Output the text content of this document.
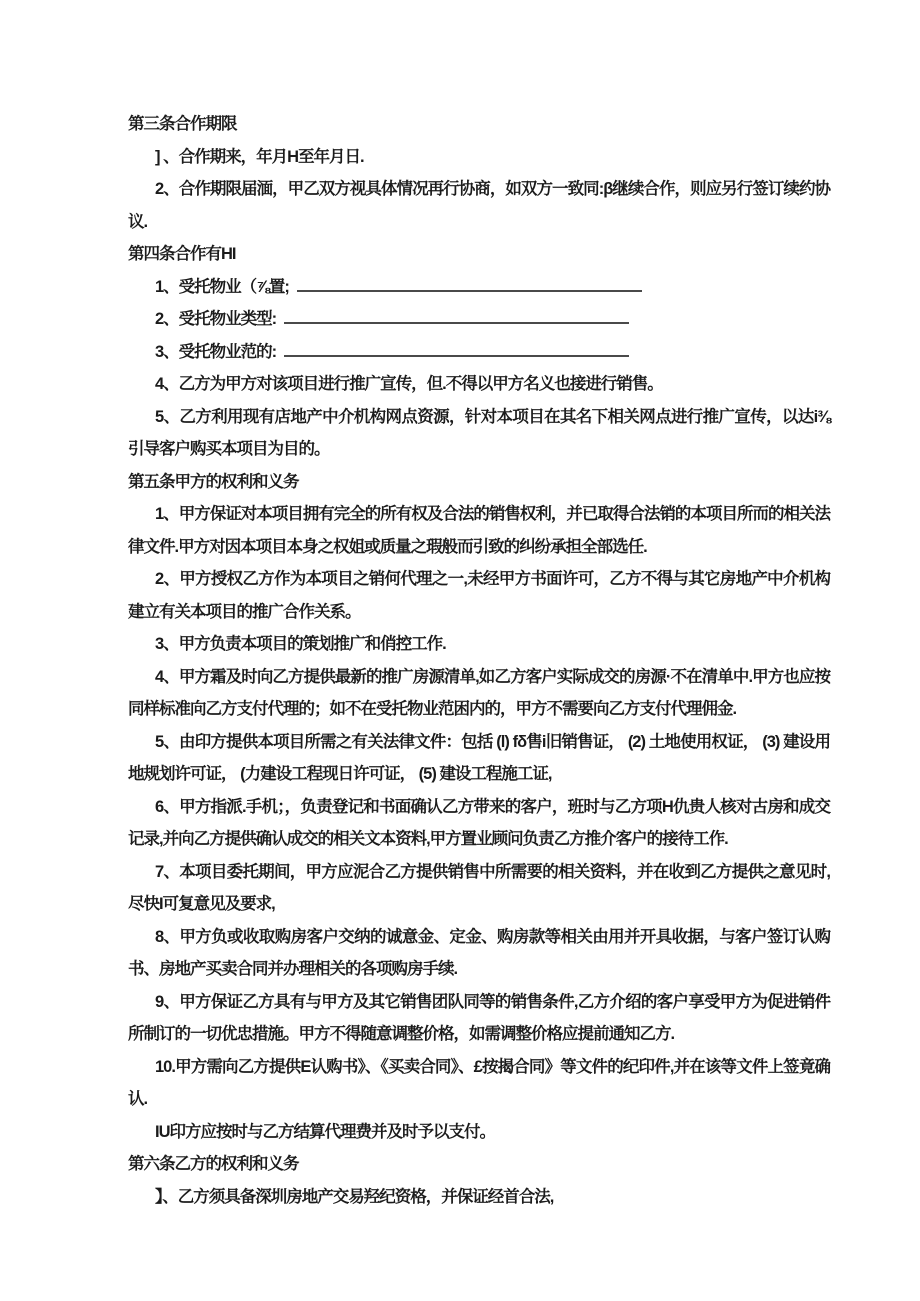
第三条合作期限

] 、合作期来，年月H至年月日.

2、合作期限届湎，甲乙双方视具体情况再行协商，如双方一致同:β继续合作，则应另行签订续约协议.

第四条合作有HI

1、受托物业（⅞置;

2、受托物业类型:

3、受托物业范的:

4、乙方为甲方对该项目进行推广宣传，但.不得以甲方名义也接进行销售。

5、乙方利用现有店地产中介机构网点资源，针对本项目在其名下相关网点进行推广宣传，以达i⅜引导客户购买本项目为目的。

第五条甲方的权利和义务

1、甲方保证对本项目拥有完全的所有权及合法的销售权利，并已取得合法销的本项目所而的相关法律文件.甲方对因本项目本身之权姐或质量之瑕般而引致的纠纷承担全部选任.

2、甲方授权乙方作为本项目之销何代理之一,未经甲方书面许可，乙方不得与其它房地产中介机构建立有关本项目的推广合作关系。

3、甲方负责本项目的策划推广和俏控工作.

4、甲方霜及时向乙方提供最新的推广房源清单,如乙方客户实际成交的房源·不在清单中.甲方也应按同样标准向乙方支付代理的；如不在受托物业范困内的，甲方不需要向乙方支付代理佣金.

5、由印方提供本项目所需之有关法律文件：包括 (l) fδ售i旧销售证， (2) 土地使用权证， (3) 建设用地规划许可证， (力建设工程现日许可证， (5) 建设工程施工证,

6、甲方指派.手机；，负责登记和书面确认乙方带来的客户，班时与乙方项H仇贵人核对古房和成交记录,并向乙方提供确认成交的相关文本资料,甲方置业顾问负责乙方推介客户的接待工作.

7、本项目委托期间，甲方应泥合乙方提供销售中所需要的相关资料，并在收到乙方提供之意见时,尽快I可复意见及要求,

8、甲方负或收取购房客户交纳的诚意金、定金、购房款等相关由用并开具收据，与客户签订认购书、房地产买卖合同并办理相关的各项购房手续.

9、甲方保证乙方具有与甲方及其它销售团队同等的销售条件,乙方介绍的客户享受甲方为促进销件所制订的一切优忠措施。甲方不得随意调整价格，如需调整价格应提前通知乙方.

10.甲方需向乙方提供E认购书》、《买卖合同》、£按揭合同》等文件的纪印件,并在该等文件上签竟确认.

IU印方应按时与乙方结算代理费并及时予以支付。

第六条乙方的权利和义务

】、乙方须具备深圳房地产交易羟纪资格，并保证经首合法,
